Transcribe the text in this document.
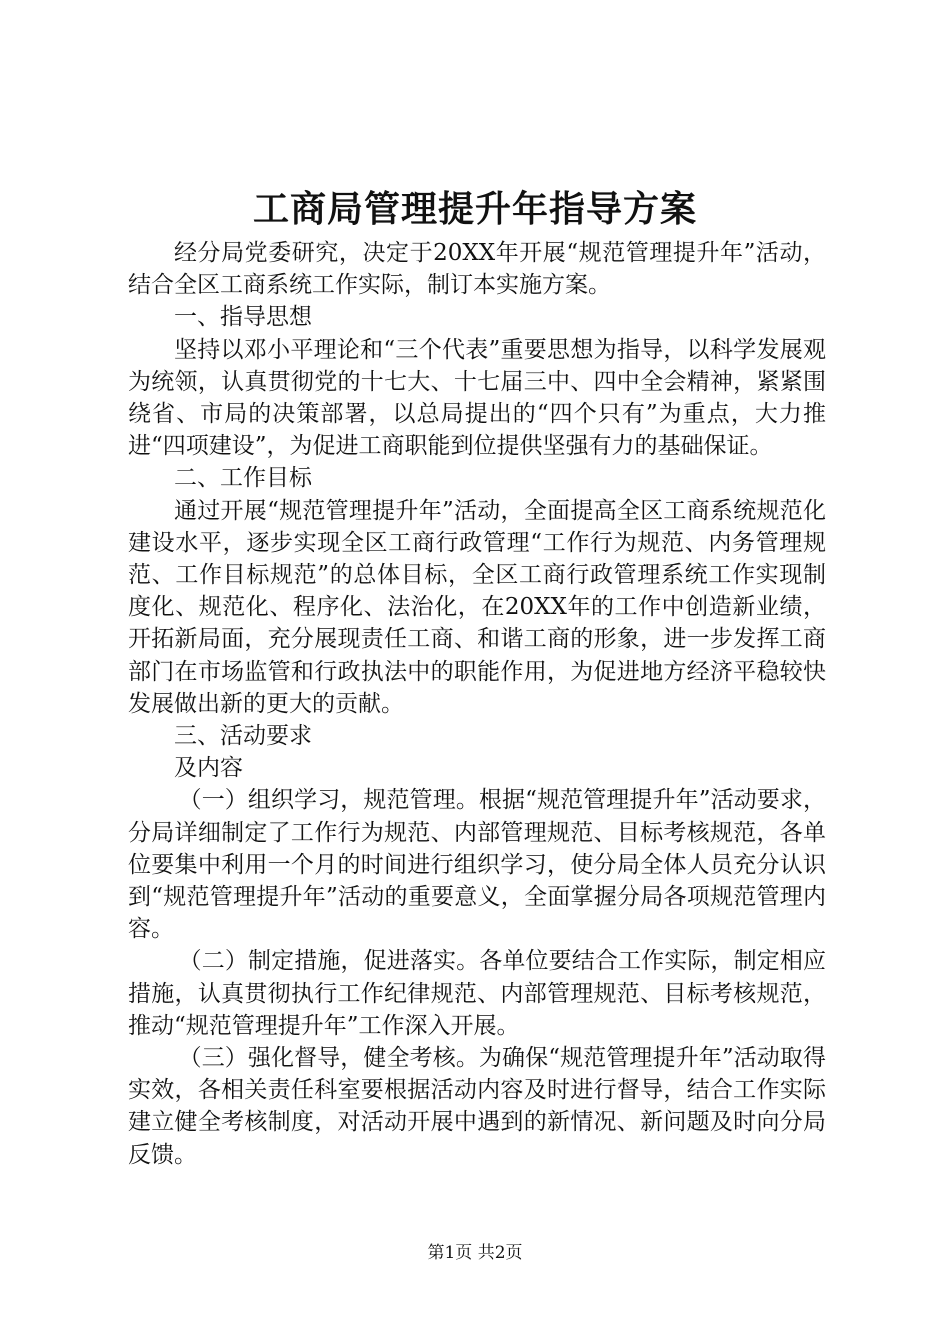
工商局管理提升年指导方案

经分局党委研究，决定于20XX年开展“规范管理提升年”活动，结合全区工商系统工作实际，制订本实施方案。

一、指导思想

坚持以邓小平理论和“三个代表”重要思想为指导，以科学发展观为统领，认真贯彻党的十七大、十七届三中、四中全会精神，紧紧围绕省、市局的决策部署，以总局提出的“四个只有”为重点，大力推进“四项建设”，为促进工商职能到位提供坚强有力的基础保证。

二、工作目标

通过开展“规范管理提升年”活动，全面提高全区工商系统规范化建设水平，逐步实现全区工商行政管理“工作行为规范、内务管理规范、工作目标规范”的总体目标，全区工商行政管理系统工作实现制度化、规范化、程序化、法治化，在20XX年的工作中创造新业绩，开拓新局面，充分展现责任工商、和谐工商的形象，进一步发挥工商部门在市场监管和行政执法中的职能作用，为促进地方经济平稳较快发展做出新的更大的贡献。

三、活动要求

及内容

（一）组织学习，规范管理。根据“规范管理提升年”活动要求，分局详细制定了工作行为规范、内部管理规范、目标考核规范，各单位要集中利用一个月的时间进行组织学习，使分局全体人员充分认识到“规范管理提升年”活动的重要意义，全面掌握分局各项规范管理内容。

（二）制定措施，促进落实。各单位要结合工作实际，制定相应措施，认真贯彻执行工作纪律规范、内部管理规范、目标考核规范，推动“规范管理提升年”工作深入开展。

（三）强化督导，健全考核。为确保“规范管理提升年”活动取得实效，各相关责任科室要根据活动内容及时进行督导，结合工作实际建立健全考核制度，对活动开展中遇到的新情况、新问题及时向分局反馈。

第1页 共2页
